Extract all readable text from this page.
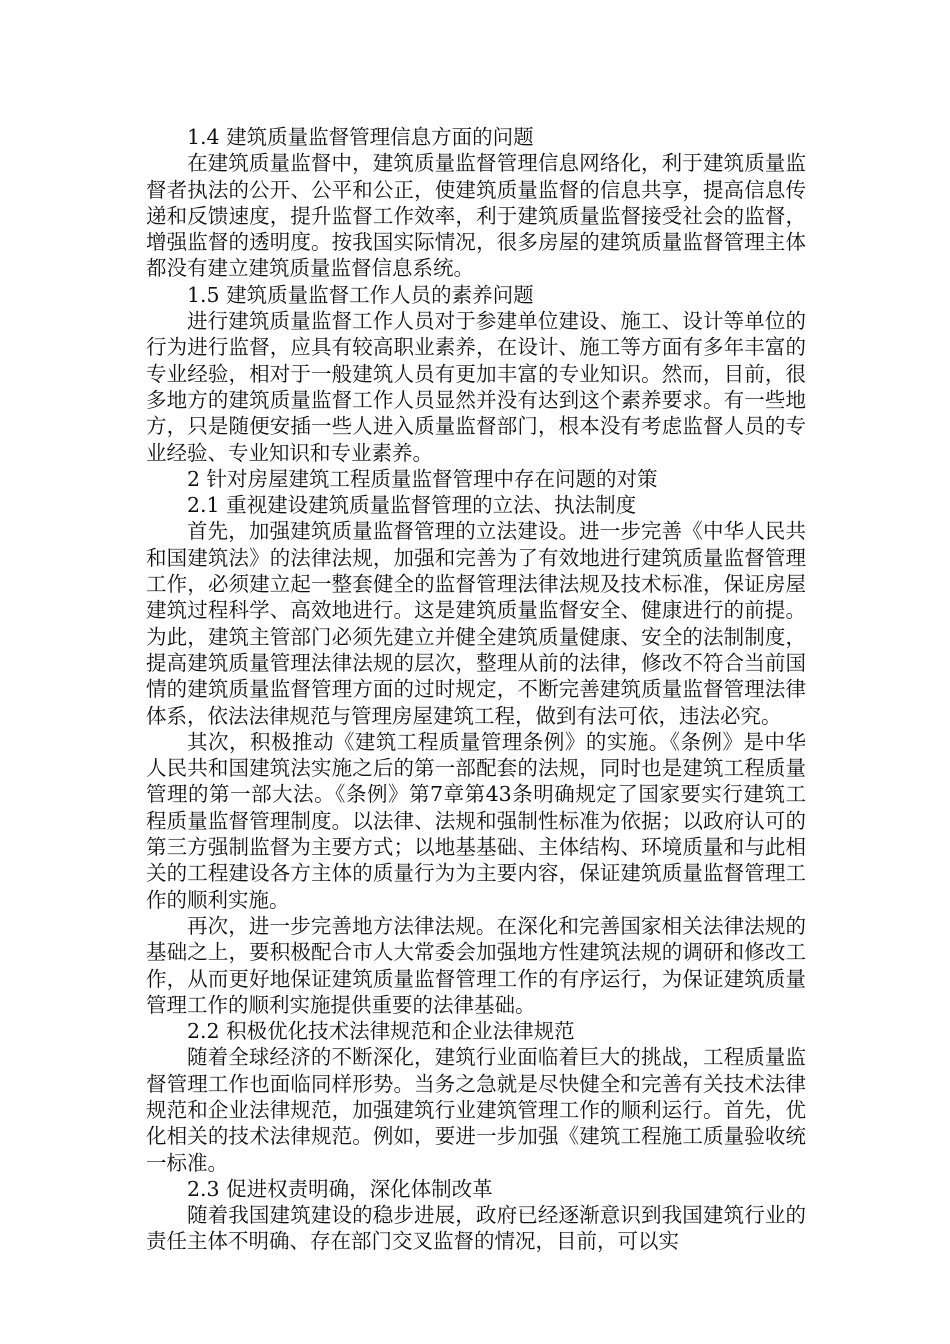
1.4 建筑质量监督管理信息方面的问题

在建筑质量监督中，建筑质量监督管理信息网络化，利于建筑质量监督者执法的公开、公平和公正，使建筑质量监督的信息共享，提高信息传递和反馈速度，提升监督工作效率，利于建筑质量监督接受社会的监督，增强监督的透明度。按我国实际情况，很多房屋的建筑质量监督管理主体都没有建立建筑质量监督信息系统。

1.5 建筑质量监督工作人员的素养问题

进行建筑质量监督工作人员对于参建单位建设、施工、设计等单位的行为进行监督，应具有较高职业素养，在设计、施工等方面有多年丰富的专业经验，相对于一般建筑人员有更加丰富的专业知识。然而，目前，很多地方的建筑质量监督工作人员显然并没有达到这个素养要求。有一些地方，只是随便安插一些人进入质量监督部门，根本没有考虑监督人员的专业经验、专业知识和专业素养。

2 针对房屋建筑工程质量监督管理中存在问题的对策

2.1 重视建设建筑质量监督管理的立法、执法制度

首先，加强建筑质量监督管理的立法建设。进一步完善《中华人民共和国建筑法》的法律法规，加强和完善为了有效地进行建筑质量监督管理工作，必须建立起一整套健全的监督管理法律法规及技术标准，保证房屋建筑过程科学、高效地进行。这是建筑质量监督安全、健康进行的前提。为此，建筑主管部门必须先建立并健全建筑质量健康、安全的法制制度，提高建筑质量管理法律法规的层次，整理从前的法律，修改不符合当前国情的建筑质量监督管理方面的过时规定，不断完善建筑质量监督管理法律体系，依法法律规范与管理房屋建筑工程，做到有法可依，违法必究。

其次，积极推动《建筑工程质量管理条例》的实施。《条例》是中华人民共和国建筑法实施之后的第一部配套的法规，同时也是建筑工程质量管理的第一部大法。《条例》第7章第43条明确规定了国家要实行建筑工程质量监督管理制度。以法律、法规和强制性标准为依据；以政府认可的第三方强制监督为主要方式；以地基基础、主体结构、环境质量和与此相关的工程建设各方主体的质量行为为主要内容，保证建筑质量监督管理工作的顺利实施。

再次，进一步完善地方法律法规。在深化和完善国家相关法律法规的基础之上，要积极配合市人大常委会加强地方性建筑法规的调研和修改工作，从而更好地保证建筑质量监督管理工作的有序运行，为保证建筑质量管理工作的顺利实施提供重要的法律基础。

2.2 积极优化技术法律规范和企业法律规范

随着全球经济的不断深化，建筑行业面临着巨大的挑战，工程质量监督管理工作也面临同样形势。当务之急就是尽快健全和完善有关技术法律规范和企业法律规范，加强建筑行业建筑管理工作的顺利运行。首先，优化相关的技术法律规范。例如，要进一步加强《建筑工程施工质量验收统一标准。

2.3 促进权责明确，深化体制改革

随着我国建筑建设的稳步进展，政府已经逐渐意识到我国建筑行业的责任主体不明确、存在部门交叉监督的情况，目前，可以实
